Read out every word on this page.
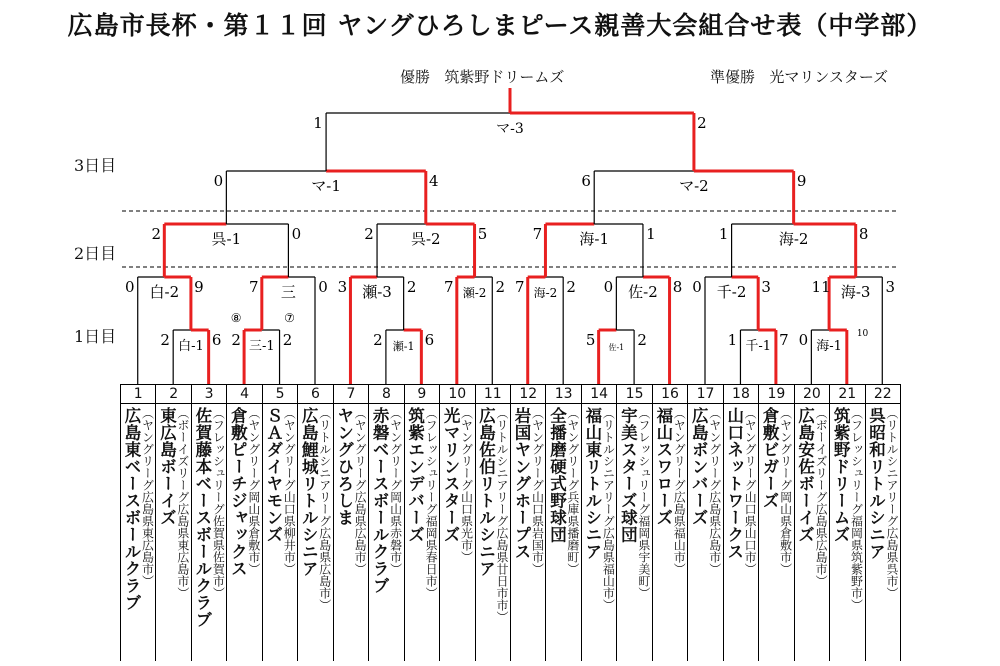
広島市長杯・第１１回 ヤングひろしまピース親善大会組合せ表（中学部）
優勝 筑紫野ドリームズ	準優勝 光マリンスターズ
3日目
2日目
1日目
白-1
2	6 三-1
2	2
⑧	⑦
瀬-1
2	6	佐-1
5	2	千-1
1	7 海-1
0	10
白-2
0	9	三
7	0 瀬-3
3	2	瀬-2
7	2 海-2
7	2	佐-2
0	8 千-2
0	3	海-3
11	3
呉-1
2	0	呉-2
2	5	海-1
7	1	海-2
1	8
マ-1
0	4	マ-2
6	9
マ-3
1	2
1
広島東ベースボールクラブ （ヤングリーグ広島県東広島市）
2
東広島ボーイズ （ボーイズリーグ広島県東広島市）
3
佐賀藤本ベースボールクラブ （フレッシュリーグ佐賀県佐賀市）
4
倉敷ピーチジャックス （ヤングリーグ岡山県倉敷市）
5
ＳＡダイヤモンズ （ヤングリーグ山口県柳井市）
6
広島鯉城リトルシニア （リトルシニアリーグ広島県広島市）
7
ヤングひろしま （ヤングリーグ広島県広島市）
8
赤磐ベースボールクラブ （ヤングリーグ岡山県赤磐市）
9
筑紫エンデバーズ （フレッシュリーグ福岡県春日市）
10
光マリンスターズ （ヤングリーグ山口県光市）
11
広島佐伯リトルシニア （リトルシニアリーグ広島県廿日市市）
12
岩国ヤングホープス （ヤングリーグ山口県岩国市）
13
全播磨硬式野球団 （ヤングリーグ兵庫県播磨町）
14
福山東リトルシニア （リトルシニアリーグ広島県福山市）
15
宇美スターズ球団 （フレッシュリーグ福岡県宇美町）
16
福山スワローズ （ヤングリーグ広島県福山市）
17
広島ボンバーズ （ヤングリーグ広島県広島市）
18
山口ネットワークス （ヤングリーグ山口県山口市）
19
倉敷ビガーズ （ヤングリーグ岡山県倉敷市）
20
広島安佐ボーイズ （ボーイズリーグ広島県広島市）
21
筑紫野ドリームズ （フレッシュリーグ福岡県筑紫野市）
22
呉昭和リトルシニア （リトルシニアリーグ広島県呉市）
